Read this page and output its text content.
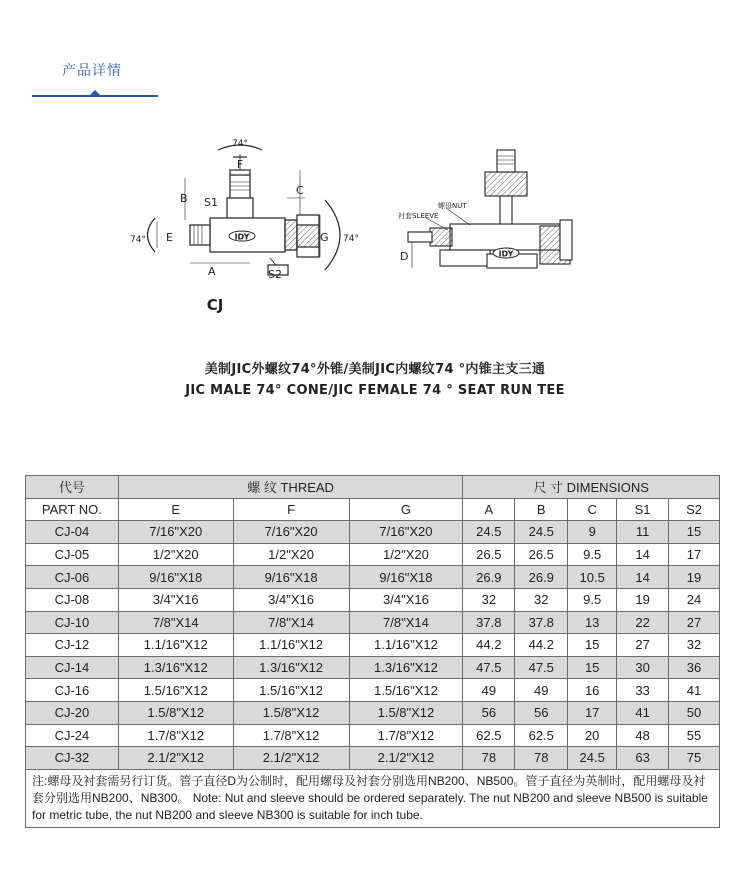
产品详情
IDY
74°
F
B S1
C
74° E	G 74°
A	S2
CJ
IDY
螺母NUT
衬套SLEEVE
D
美制JIC外螺纹74°外锥/美制JIC内螺纹74 °内锥主支三通
JIC MALE 74° CONE/JIC FEMALE 74 ° SEAT RUN TEE
代号	螺 纹 THREAD			尺 寸 DIMENSIONS				
PART NO.	E	F	G	A	B	C	S1	S2
CJ-04	7/16"X20	7/16"X20	7/16"X20	24.5	24.5	9	11	15
CJ-05	1/2"X20	1/2"X20	1/2"X20	26.5	26.5	9.5	14	17
CJ-06	9/16"X18	9/16"X18	9/16"X18	26.9	26.9	10.5	14	19
CJ-08	3/4"X16	3/4"X16	3/4"X16	32	32	9.5	19	24
CJ-10	7/8"X14	7/8"X14	7/8"X14	37.8	37.8	13	22	27
CJ-12	1.1/16"X12	1.1/16"X12	1.1/16"X12	44.2	44.2	15	27	32
CJ-14	1.3/16"X12	1.3/16"X12	1.3/16"X12	47.5	47.5	15	30	36
CJ-16	1.5/16"X12	1.5/16"X12	1.5/16"X12	49	49	16	33	41
CJ-20	1.5/8"X12	1.5/8"X12	1.5/8"X12	56	56	17	41	50
CJ-24	1.7/8"X12	1.7/8"X12	1.7/8"X12	62.5	62.5	20	48	55
CJ-32	2.1/2"X12	2.1/2"X12	2.1/2"X12	78	78	24.5	63	75
注:螺母及衬套需另行订货。管子直径D为公制时，配用螺母及衬套分别选用NB200、NB500。管子直径为英制时，配用螺母及衬套分别选用NB200、NB300。 Note: Nut and sleeve should be ordered separately. The nut NB200 and sleeve NB500 is suitable for metric tube, the nut NB200 and sleeve NB300 is suitable for inch tube.								
